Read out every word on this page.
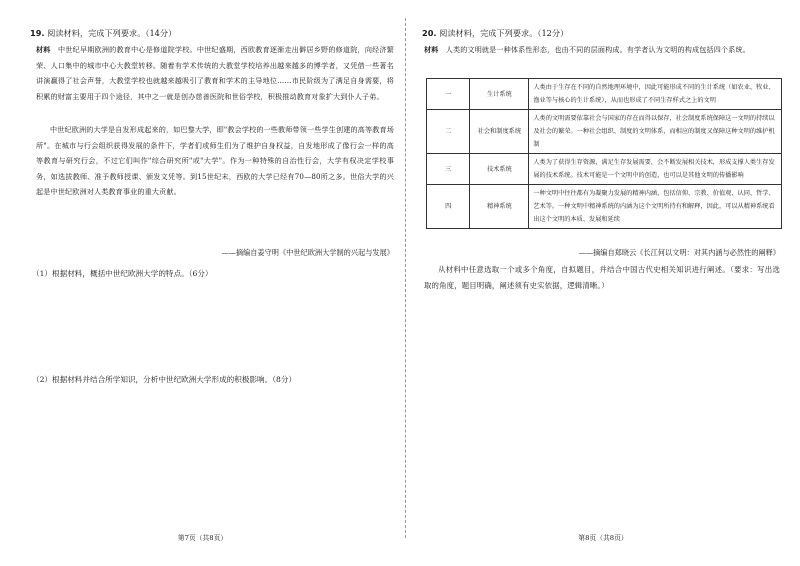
19. 阅读材料，完成下列要求。（14分）
材料 中世纪早期欧洲的教育中心是修道院学校。中世纪盛期，西欧教育逐渐走出僻居乡野的修道院，向经济繁荣、人口集中的城市中心大教堂转移。随着有学术传统的大教堂学校培养出越来越多的博学者，又凭借一些著名讲演赢得了社会声誉，大教堂学校也就越来越吸引了教育和学术的主导地位……市民阶级为了满足自身需要，将积累的财富主要用于四个途径，其中之一就是创办慈善医院和世俗学校，积极推动教育对象扩大到仆人子弟。
中世纪欧洲的大学是自发形成起来的，如巴黎大学，即"教会学校的一些教师带领一些学生创建的高等教育场所"。在城市与行会组织获得发展的条件下，学者们或师生们为了维护自身权益，自发地形成了像行会一样的高等教育与研究行会，不过它们叫作"综合研究所"或"大学"。作为一种特殊的自治性行会，大学有权决定学校事务，如选拔教师、准予教师授课、颁发文凭等。到15世纪末，西欧的大学已经有70—80所之多。世俗大学的兴起是中世纪欧洲对人类教育事业的重大贡献。
——摘编自姜守明《中世纪欧洲大学制的兴起与发展》
（1）根据材料，概括中世纪欧洲大学的特点。（6分）
（2）根据材料并结合所学知识，分析中世纪欧洲大学形成的积极影响。（8分）
第7页（共8页）
20. 阅读材料，完成下列要求。（12分）
材料 人类的文明就是一种体系性形态，也由不同的层面构成。有学者认为文明的构成包括四个系统。
一	生计系统	人类由于生存在不同的自然地理环境中，因此可能形成不同的生计系统（如农业、牧业、渔业等与核心的生计系统），从而也形成了不同生存样式之上的文明
二	社会和制度系统	人类的文明需要依靠社会与国家的存在而得以保存，社会制度系统保障这一文明的持续以及社会的繁荣。一种社会组织、制度的文明体系，而相应的制度又保障这种文明的维护机制
三	技术系统	人类为了获得生存资源，满足生存发展需要，会不断发展相关技术，形成支撑人类生存发展的技术系统。技术可能是一个文明中的创造，也可以是其他文明的传播影响
四	精神系统	一种文明中往往都有为凝聚力发展的精神内涵，包括信仰、宗教、价值观、认同、哲学、艺术等。一种文明中精神系统的内涵为这个文明所持有和解释，因此，可以从精神系统看出这个文明的本质、发展和延续
——摘编自郑晓云《长江何以文明：对其内涵与必然性的阐释》
从材料中任意选取一个或多个角度，自拟题目，并结合中国古代史相关知识进行阐述。（要求：写出选取的角度，题目明确，阐述须有史实依据，逻辑清晰。）
第8页（共8页）
